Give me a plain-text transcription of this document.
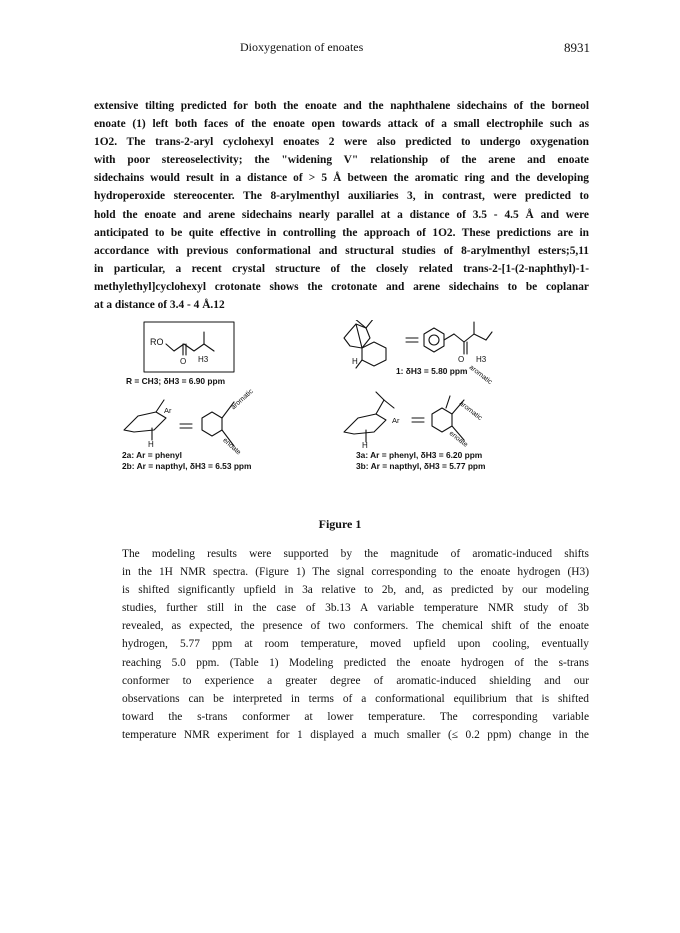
Dioxygenation of enoates	8931
extensive tilting predicted for both the enoate and the naphthalene sidechains of the borneol
enoate (1) left both faces of the enoate open towards attack of a small electrophile such as
1O2. The trans-2-aryl cyclohexyl enoates 2 were also predicted to undergo oxygenation
with poor stereoselectivity; the "widening V" relationship of the arene and enoate
sidechains would result in a distance of > 5 Å between the aromatic ring and the developing
hydroperoxide stereocenter. The 8-arylmenthyl auxiliaries 3, in contrast, were predicted to
hold the enoate and arene sidechains nearly parallel at a distance of 3.5 - 4.5 Å and were
anticipated to be quite effective in controlling the approach of 1O2. These predictions are in
accordance with previous conformational and structural studies of 8-arylmenthyl esters;5,11
in particular, a recent crystal structure of the closely related trans-2-[1-(2-naphthyl)-1-
methylethyl]cyclohexyl crotonate shows the crotonate and arene sidechains to be coplanar
at a distance of 3.4 - 4 Å.12
RO
O H3
R = CH3; δH3 = 6.90 ppm
O H3
H
aromatic
1: δH3 = 5.80 ppm
Ar
H
aromatic
enoate
2a: Ar = phenyl
2b: Ar = napthyl, δH3 = 6.53 ppm
Ar
H
aromatic
enoate
3a: Ar = phenyl, δH3 = 6.20 ppm
3b: Ar = napthyl, δH3 = 5.77 ppm
Figure 1
The modeling results were supported by the magnitude of aromatic-induced shifts
in the 1H NMR spectra. (Figure 1) The signal corresponding to the enoate hydrogen (H3)
is shifted significantly upfield in 3a relative to 2b, and, as predicted by our modeling
studies, further still in the case of 3b.13 A variable temperature NMR study of 3b
revealed, as expected, the presence of two conformers. The chemical shift of the enoate
hydrogen, 5.77 ppm at room temperature, moved upfield upon cooling, eventually
reaching 5.0 ppm. (Table 1) Modeling predicted the enoate hydrogen of the s-trans
conformer to experience a greater degree of aromatic-induced shielding and our
observations can be interpreted in terms of a conformational equilibrium that is shifted
toward the s-trans conformer at lower temperature. The corresponding variable
temperature NMR experiment for 1 displayed a much smaller (≤ 0.2 ppm) change in the
